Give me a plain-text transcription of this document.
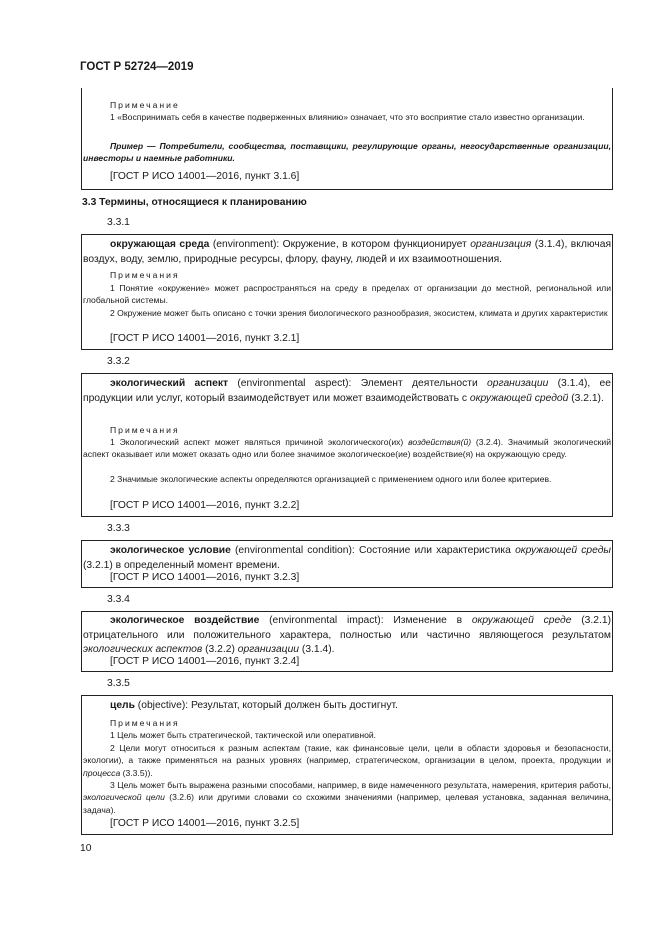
ГОСТ Р 52724—2019
Примечание
1 «Воспринимать себя в качестве подверженных влиянию» означает, что это восприятие стало известно организации.
Пример — Потребители, сообщества, поставщики, регулирующие органы, негосударственные организации, инвесторы и наемные работники.
[ГОСТ Р ИСО 14001—2016, пункт 3.1.6]
3.3 Термины, относящиеся к планированию
3.3.1
окружающая среда (environment): Окружение, в котором функционирует организация (3.1.4), включая воздух, воду, землю, природные ресурсы, флору, фауну, людей и их взаимоотношения.
Примечания
1 Понятие «окружение» может распространяться на среду в пределах от организации до местной, региональной или глобальной системы.
2 Окружение может быть описано с точки зрения биологического разнообразия, экосистем, климата и других характеристик
[ГОСТ Р ИСО 14001—2016, пункт 3.2.1]
3.3.2
экологический аспект (environmental aspect): Элемент деятельности организации (3.1.4), ее продукции или услуг, который взаимодействует или может взаимодействовать с окружающей средой (3.2.1).
Примечания
1 Экологический аспект может являться причиной экологического(их) воздействия(й) (3.2.4). Значимый экологический аспект оказывает или может оказать одно или более значимое экологическое(ие) воздействие(я) на окружающую среду.
2 Значимые экологические аспекты определяются организацией с применением одного или более критериев.
[ГОСТ Р ИСО 14001—2016, пункт 3.2.2]
3.3.3
экологическое условие (environmental condition): Состояние или характеристика окружающей среды (3.2.1) в определенный момент времени.
[ГОСТ Р ИСО 14001—2016, пункт 3.2.3]
3.3.4
экологическое воздействие (environmental impact): Изменение в окружающей среде (3.2.1) отрицательного или положительного характера, полностью или частично являющегося результатом экологических аспектов (3.2.2) организации (3.1.4).
[ГОСТ Р ИСО 14001—2016, пункт 3.2.4]
3.3.5
цель (objective): Результат, который должен быть достигнут.
Примечания
1 Цель может быть стратегической, тактической или оперативной.
2 Цели могут относиться к разным аспектам (такие, как финансовые цели, цели в области здоровья и безопасности, экологии), а также применяться на разных уровнях (например, стратегическом, организации в целом, проекта, продукции и процесса (3.3.5)).
3 Цель может быть выражена разными способами, например, в виде намеченного результата, намерения, критерия работы, экологической цели (3.2.6) или другими словами со схожими значениями (например, целевая установка, заданная величина, задача).
[ГОСТ Р ИСО 14001—2016, пункт 3.2.5]
10
